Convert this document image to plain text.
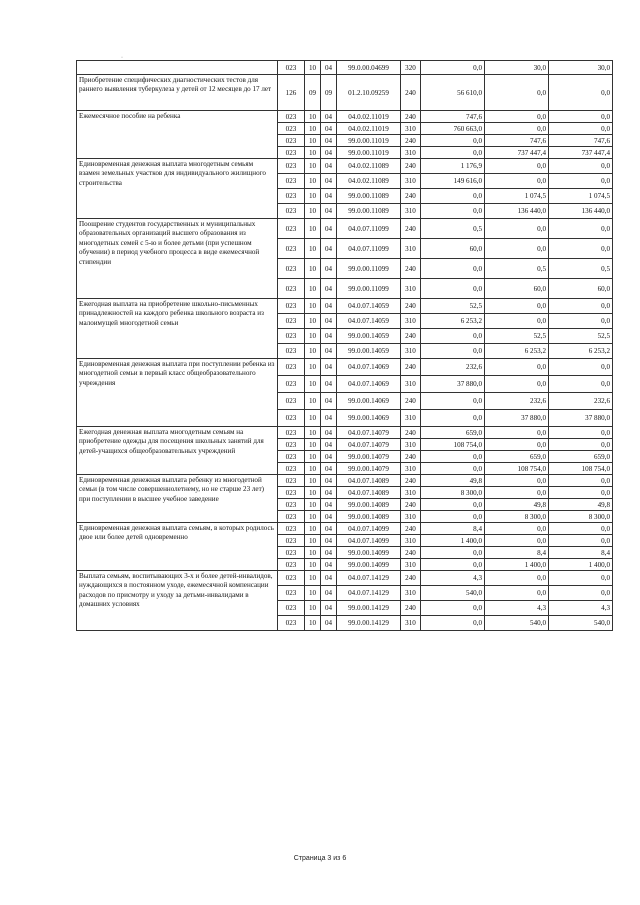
·
	023	10	04	99.0.00.04699	320	0,0	30,0	30,0
Приобретение специфических диагностических тестов для раннего выявления туберкулеза у детей от 12 месяцев до 17 лет	126	09	09	01.2.10.09259	240	56 610,0	0,0	0,0
Ежемесячное пособие на ребенка	023	10	04	04.0.02.11019	240	747,6	0,0	0,0
	023	10	04	04.0.02.11019	310	760 663,0	0,0	0,0
	023	10	04	99.0.00.11019	240	0,0	747,6	747,6
	023	10	04	99.0.00.11019	310	0,0	737 447,4	737 447,4
Единовременная денежная выплата многодетным семьям взамен земельных участков для индивидуального жилищного строительства	023	10	04	04.0.02.11089	240	1 176,9	0,0	0,0
	023	10	04	04.0.02.11089	310	149 616,0	0,0	0,0
	023	10	04	99.0.00.11089	240	0,0	1 074,5	1 074,5
	023	10	04	99.0.00.11089	310	0,0	136 440,0	136 440,0
Поощрение студентов государственных и муниципальных образовательных организаций высшего образования из многодетных семей с 5-ю и более детьми (при успешном обучении) в период учебного процесса в виде ежемесячной стипендии	023	10	04	04.0.07.11099	240	0,5	0,0	0,0
	023	10	04	04.0.07.11099	310	60,0	0,0	0,0
	023	10	04	99.0.00.11099	240	0,0	0,5	0,5
	023	10	04	99.0.00.11099	310	0,0	60,0	60,0
Ежегодная выплата на приобретение школьно-письменных принадлежностей на каждого ребенка школьного возраста из малоимущей многодетной семьи	023	10	04	04.0.07.14059	240	52,5	0,0	0,0
	023	10	04	04.0.07.14059	310	6 253,2	0,0	0,0
	023	10	04	99.0.00.14059	240	0,0	52,5	52,5
	023	10	04	99.0.00.14059	310	0,0	6 253,2	6 253,2
Единовременная денежная выплата при поступлении ребенка из многодетной семьи в первый класс общеобразовательного учреждения	023	10	04	04.0.07.14069	240	232,6	0,0	0,0
	023	10	04	04.0.07.14069	310	37 880,0	0,0	0,0
	023	10	04	99.0.00.14069	240	0,0	232,6	232,6
	023	10	04	99.0.00.14069	310	0,0	37 880,0	37 880,0
Ежегодная денежная выплата многодетным семьям на приобретение одежды для посещения школьных занятий для детей-учащихся общеобразовательных учреждений	023	10	04	04.0.07.14079	240	659,0	0,0	0,0
	023	10	04	04.0.07.14079	310	108 754,0	0,0	0,0
	023	10	04	99.0.00.14079	240	0,0	659,0	659,0
	023	10	04	99.0.00.14079	310	0,0	108 754,0	108 754,0
Единовременная денежная выплата ребенку из многодетной семьи (в том числе совершеннолетнему, но не старше 23 лет) при поступлении в высшее учебное заведение	023	10	04	04.0.07.14089	240	49,8	0,0	0,0
	023	10	04	04.0.07.14089	310	8 300,0	0,0	0,0
	023	10	04	99.0.00.14089	240	0,0	49,8	49,8
	023	10	04	99.0.00.14089	310	0,0	8 300,0	8 300,0
Единовременная денежная выплата семьям, в которых родилось двое или более детей одновременно	023	10	04	04.0.07.14099	240	8,4	0,0	0,0
	023	10	04	04.0.07.14099	310	1 400,0	0,0	0,0
	023	10	04	99.0.00.14099	240	0,0	8,4	8,4
	023	10	04	99.0.00.14099	310	0,0	1 400,0	1 400,0
Выплата семьям, воспитывающих 3-х и более детей-инвалидов, нуждающихся в постоянном уходе, ежемесячной компенсации расходов по присмотру и уходу за детьми-инвалидами в домашних условиях	023	10	04	04.0.07.14129	240	4,3	0,0	0,0
	023	10	04	04.0.07.14129	310	540,0	0,0	0,0
	023	10	04	99.0.00.14129	240	0,0	4,3	4,3
	023	10	04	99.0.00.14129	310	0,0	540,0	540,0
Страница 3 из 6
